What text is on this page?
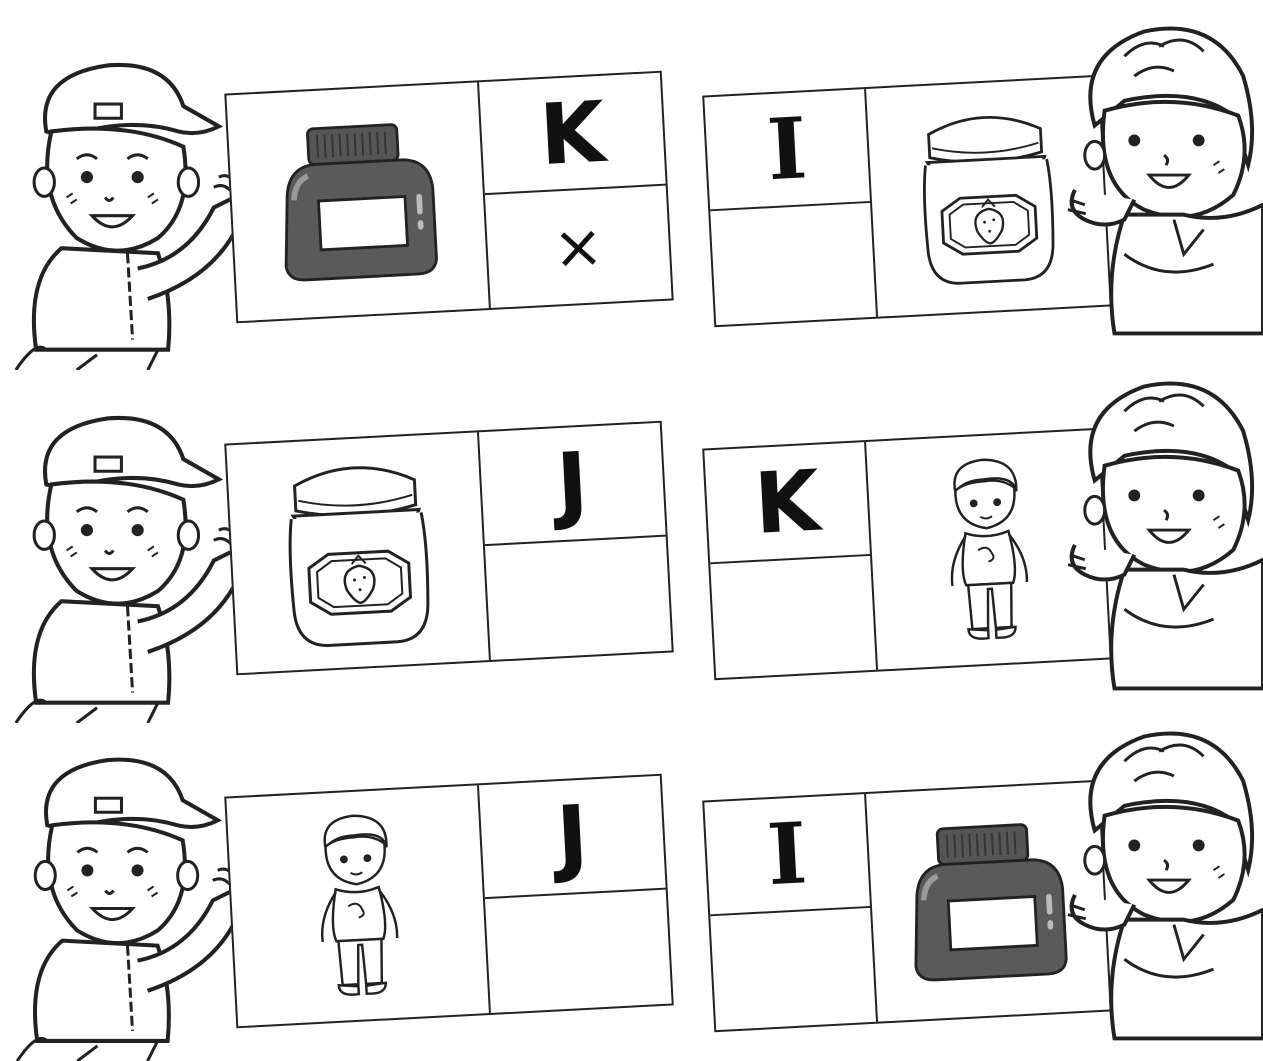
K
×
I
J K
J I
